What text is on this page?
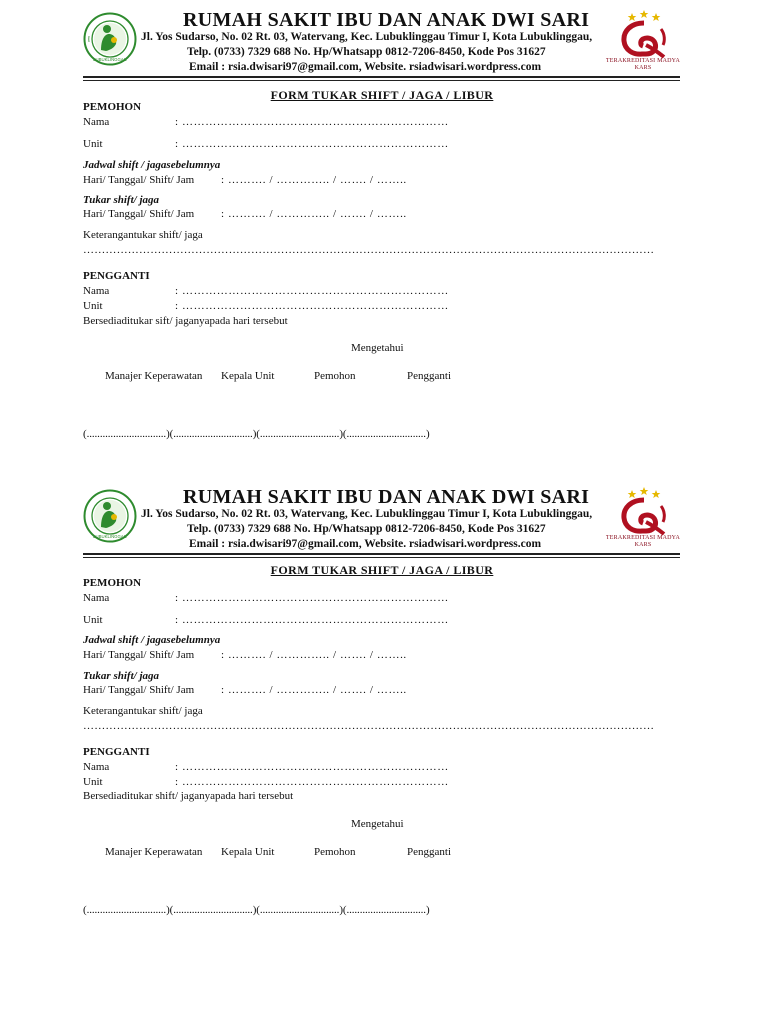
LUBUKLINGGAU
RUMAH SAKIT IBU DAN ANAK DWI SARI
Jl. Yos Sudarso, No. 02 Rt. 03, Watervang, Kec. Lubuklinggau Timur I, Kota Lubuklinggau,
Telp. (0733) 7329 688 No. Hp/Whatsapp 0812-7206-8450, Kode Pos 31627
Email : rsia.dwisari97@gmail.com, Website. rsiadwisari.wordpress.com	TERAKREDITASI MADYA
KARS
FORM TUKAR SHIFT / JAGA / LIBUR
PEMOHON
Nama	: ……………………………………………………………
Unit	: ……………………………………………………………
Jadwal shift / jagasebelumnya
Hari/ Tanggal/ Shift/ Jam : ………. / ………….. / ……. / ……..
Tukar shift/ jaga
Hari/ Tanggal/ Shift/ Jam : ………. / ………….. / ……. / ……..
Keterangantukar shift/ jaga
………………………………………………………………………………………………………………………………………
PENGGANTI
Nama	: ……………………………………………………………
Unit	: ……………………………………………………………
Bersediaditukar sift/ jaganyapada hari tersebut
Mengetahui
Manajer Keperawatan Kepala Unit	Pemohon	Pengganti
(..............................)(..............................)(..............................)(..............................)
LUBUKLINGGAU
RUMAH SAKIT IBU DAN ANAK DWI SARI
Jl. Yos Sudarso, No. 02 Rt. 03, Watervang, Kec. Lubuklinggau Timur I, Kota Lubuklinggau,
Telp. (0733) 7329 688 No. Hp/Whatsapp 0812-7206-8450, Kode Pos 31627
Email : rsia.dwisari97@gmail.com, Website. rsiadwisari.wordpress.com	TERAKREDITASI MADYA
KARS
FORM TUKAR SHIFT / JAGA / LIBUR
PEMOHON
Nama	: ……………………………………………………………
Unit	: ……………………………………………………………
Jadwal shift / jagasebelumnya
Hari/ Tanggal/ Shift/ Jam : ………. / ………….. / ……. / ……..
Tukar shift/ jaga
Hari/ Tanggal/ Shift/ Jam : ………. / ………….. / ……. / ……..
Keterangantukar shift/ jaga
………………………………………………………………………………………………………………………………………
PENGGANTI
Nama	: ……………………………………………………………
Unit	: ……………………………………………………………
Bersediaditukar shift/ jaganyapada hari tersebut
Mengetahui
Manajer Keperawatan Kepala Unit	Pemohon	Pengganti
(..............................)(..............................)(..............................)(..............................)
